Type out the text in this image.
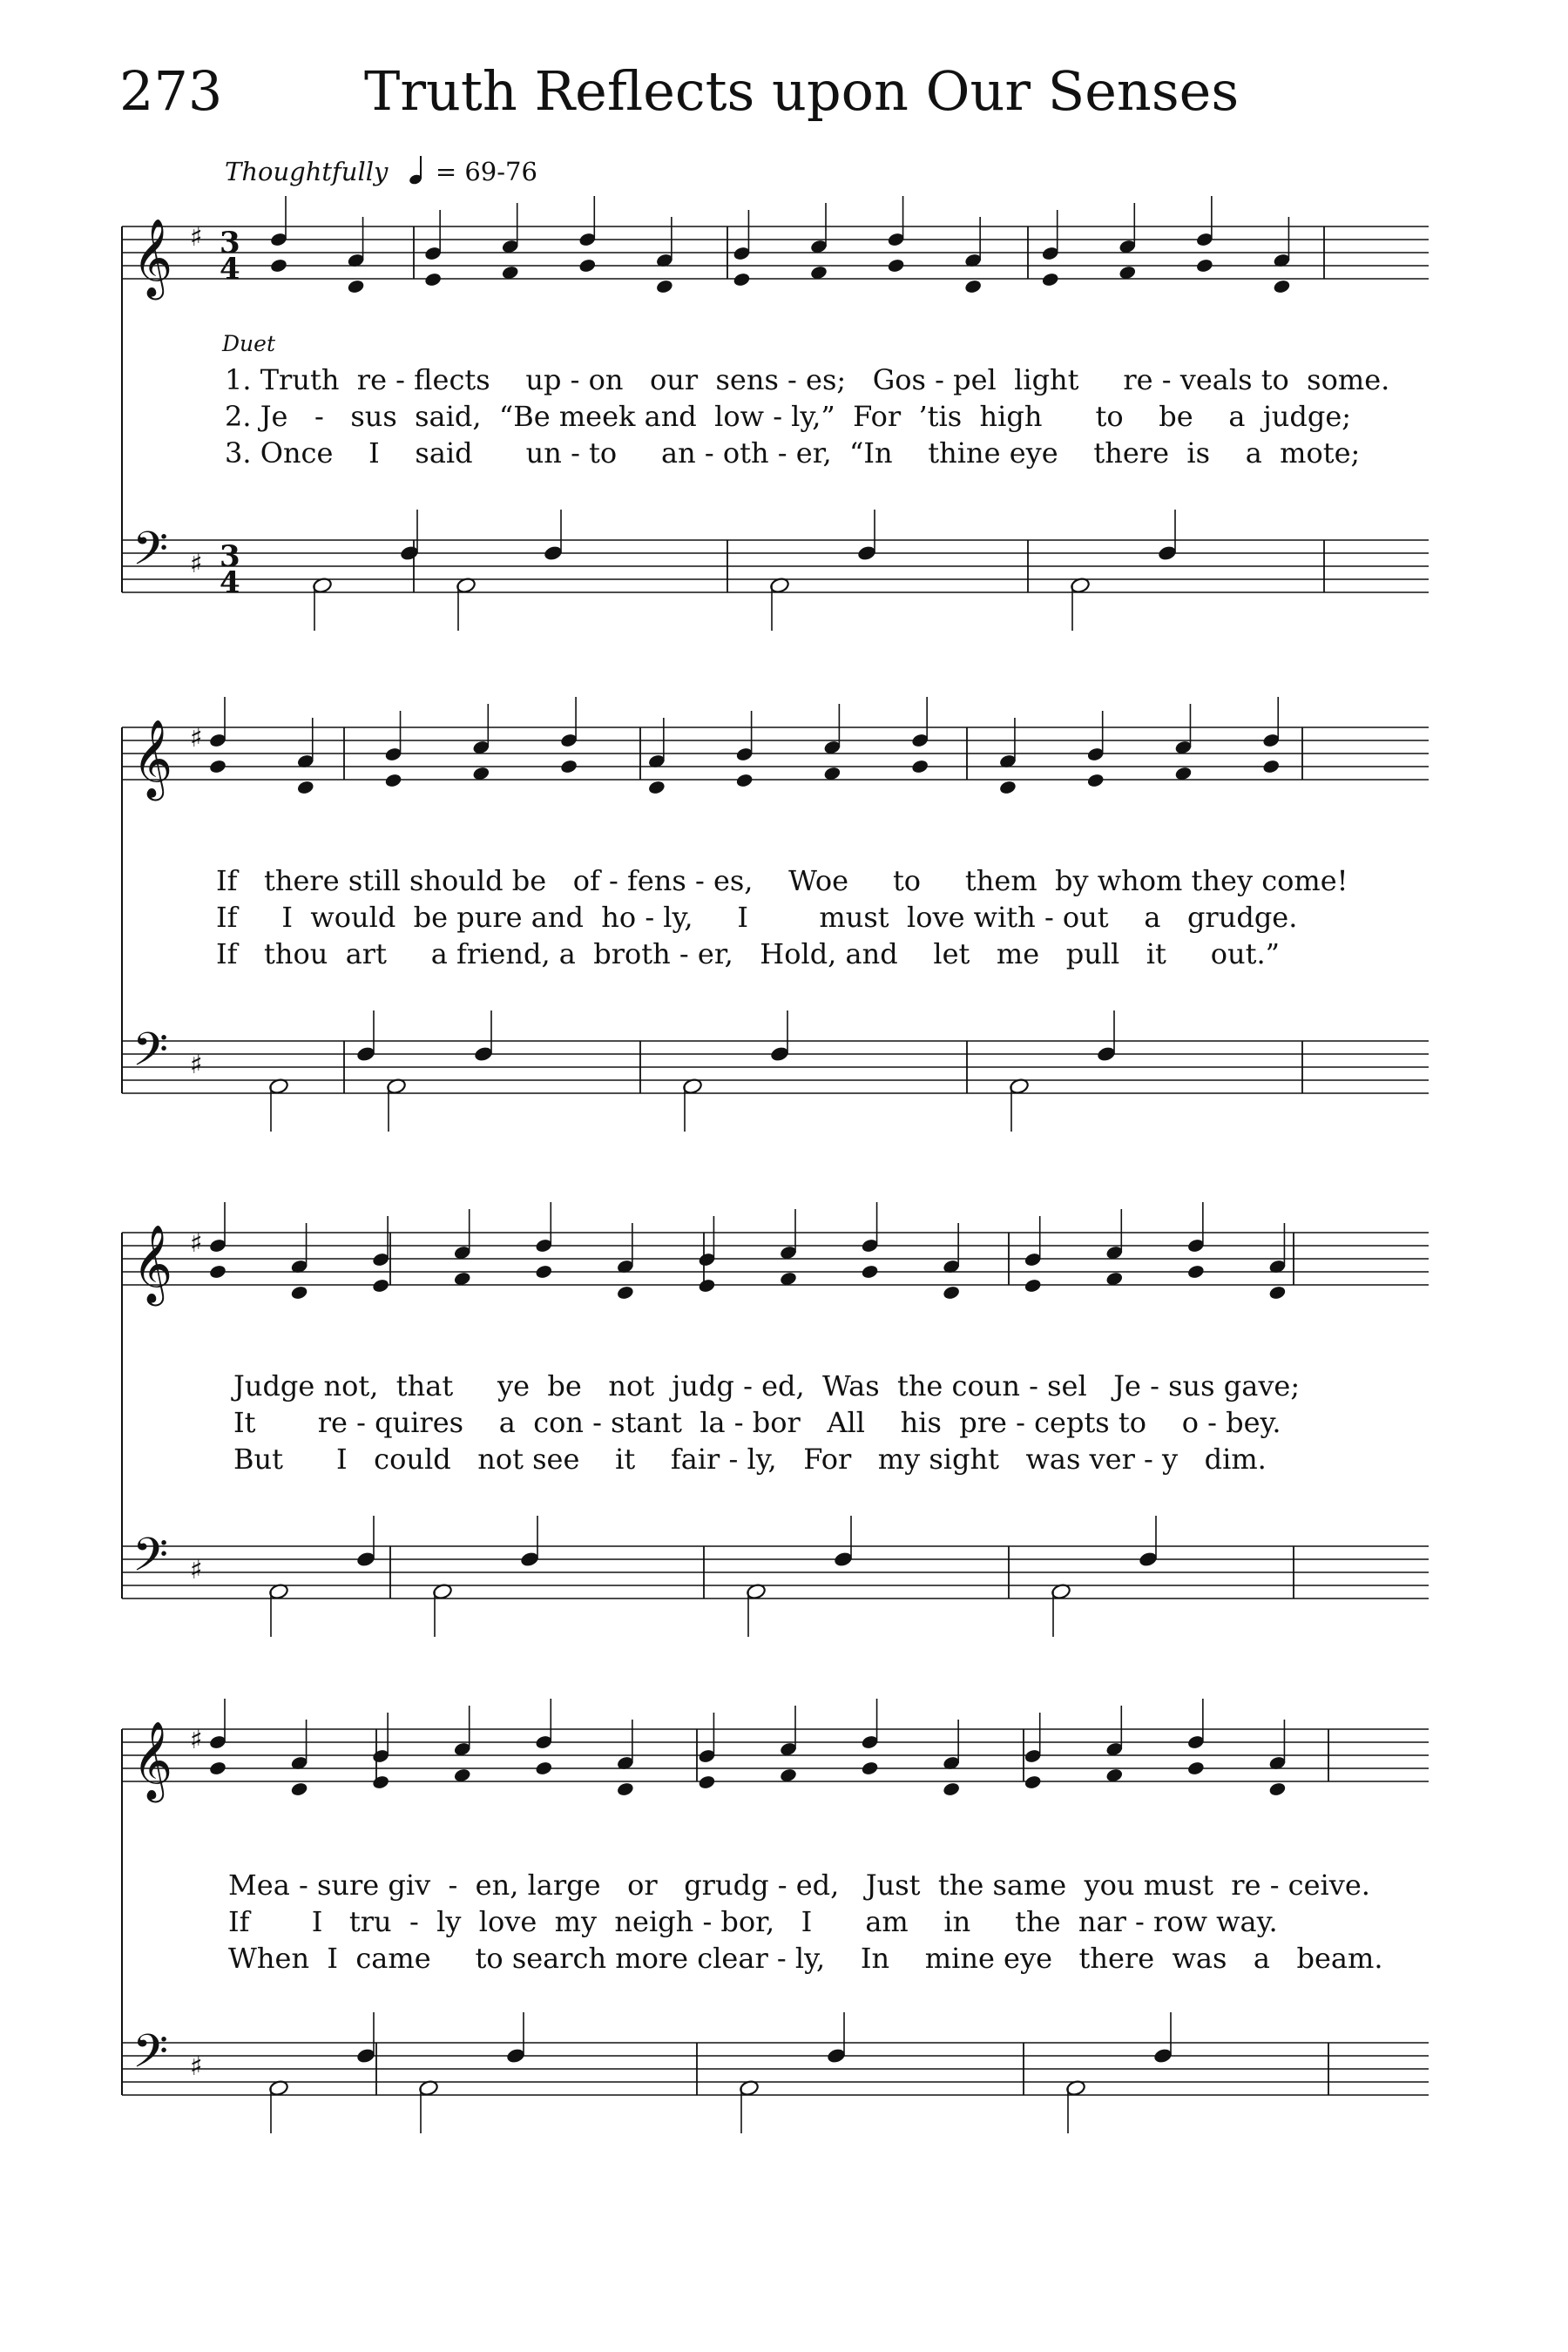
273	Truth Reflects upon Our Senses
Thoughtfully = 69-76
Duet
𝄞 ♯ 3
4
𝄢 ♯ 3
4
𝄞 ♯
𝄢 ♯
𝄞 ♯
𝄢 ♯
𝄞 ♯
𝄢 ♯
1. Truth  re - flects    up - on   our  sens - es;   Gos - pel  light     re - veals to  some.
2. Je   -   sus  said,  “Be meek and  low - ly,”  For  ’tis  high      to    be    a  judge;
3. Once    I    said      un - to     an - oth - er,  “In    thine eye    there  is    a  mote;
If   there still should be   of - fens - es,    Woe     to     them  by whom they come!
If     I  would  be pure and  ho - ly,     I        must  love with - out    a   grudge.
If   thou  art     a friend, a  broth - er,   Hold, and    let   me   pull   it     out.”
Judge not,  that     ye  be   not  judg - ed,  Was  the coun - sel   Je - sus gave;
It       re - quires    a  con - stant  la - bor   All    his  pre - cepts to    o - bey.
But      I   could   not see    it    fair - ly,   For   my sight   was ver - y   dim.
Mea - sure giv  -  en, large   or   grudg - ed,   Just  the same  you must  re - ceive.
If       I   tru  -  ly  love  my  neigh - bor,   I      am    in     the  nar - row way.
When  I  came     to search more clear - ly,    In    mine eye   there  was   a   beam.
